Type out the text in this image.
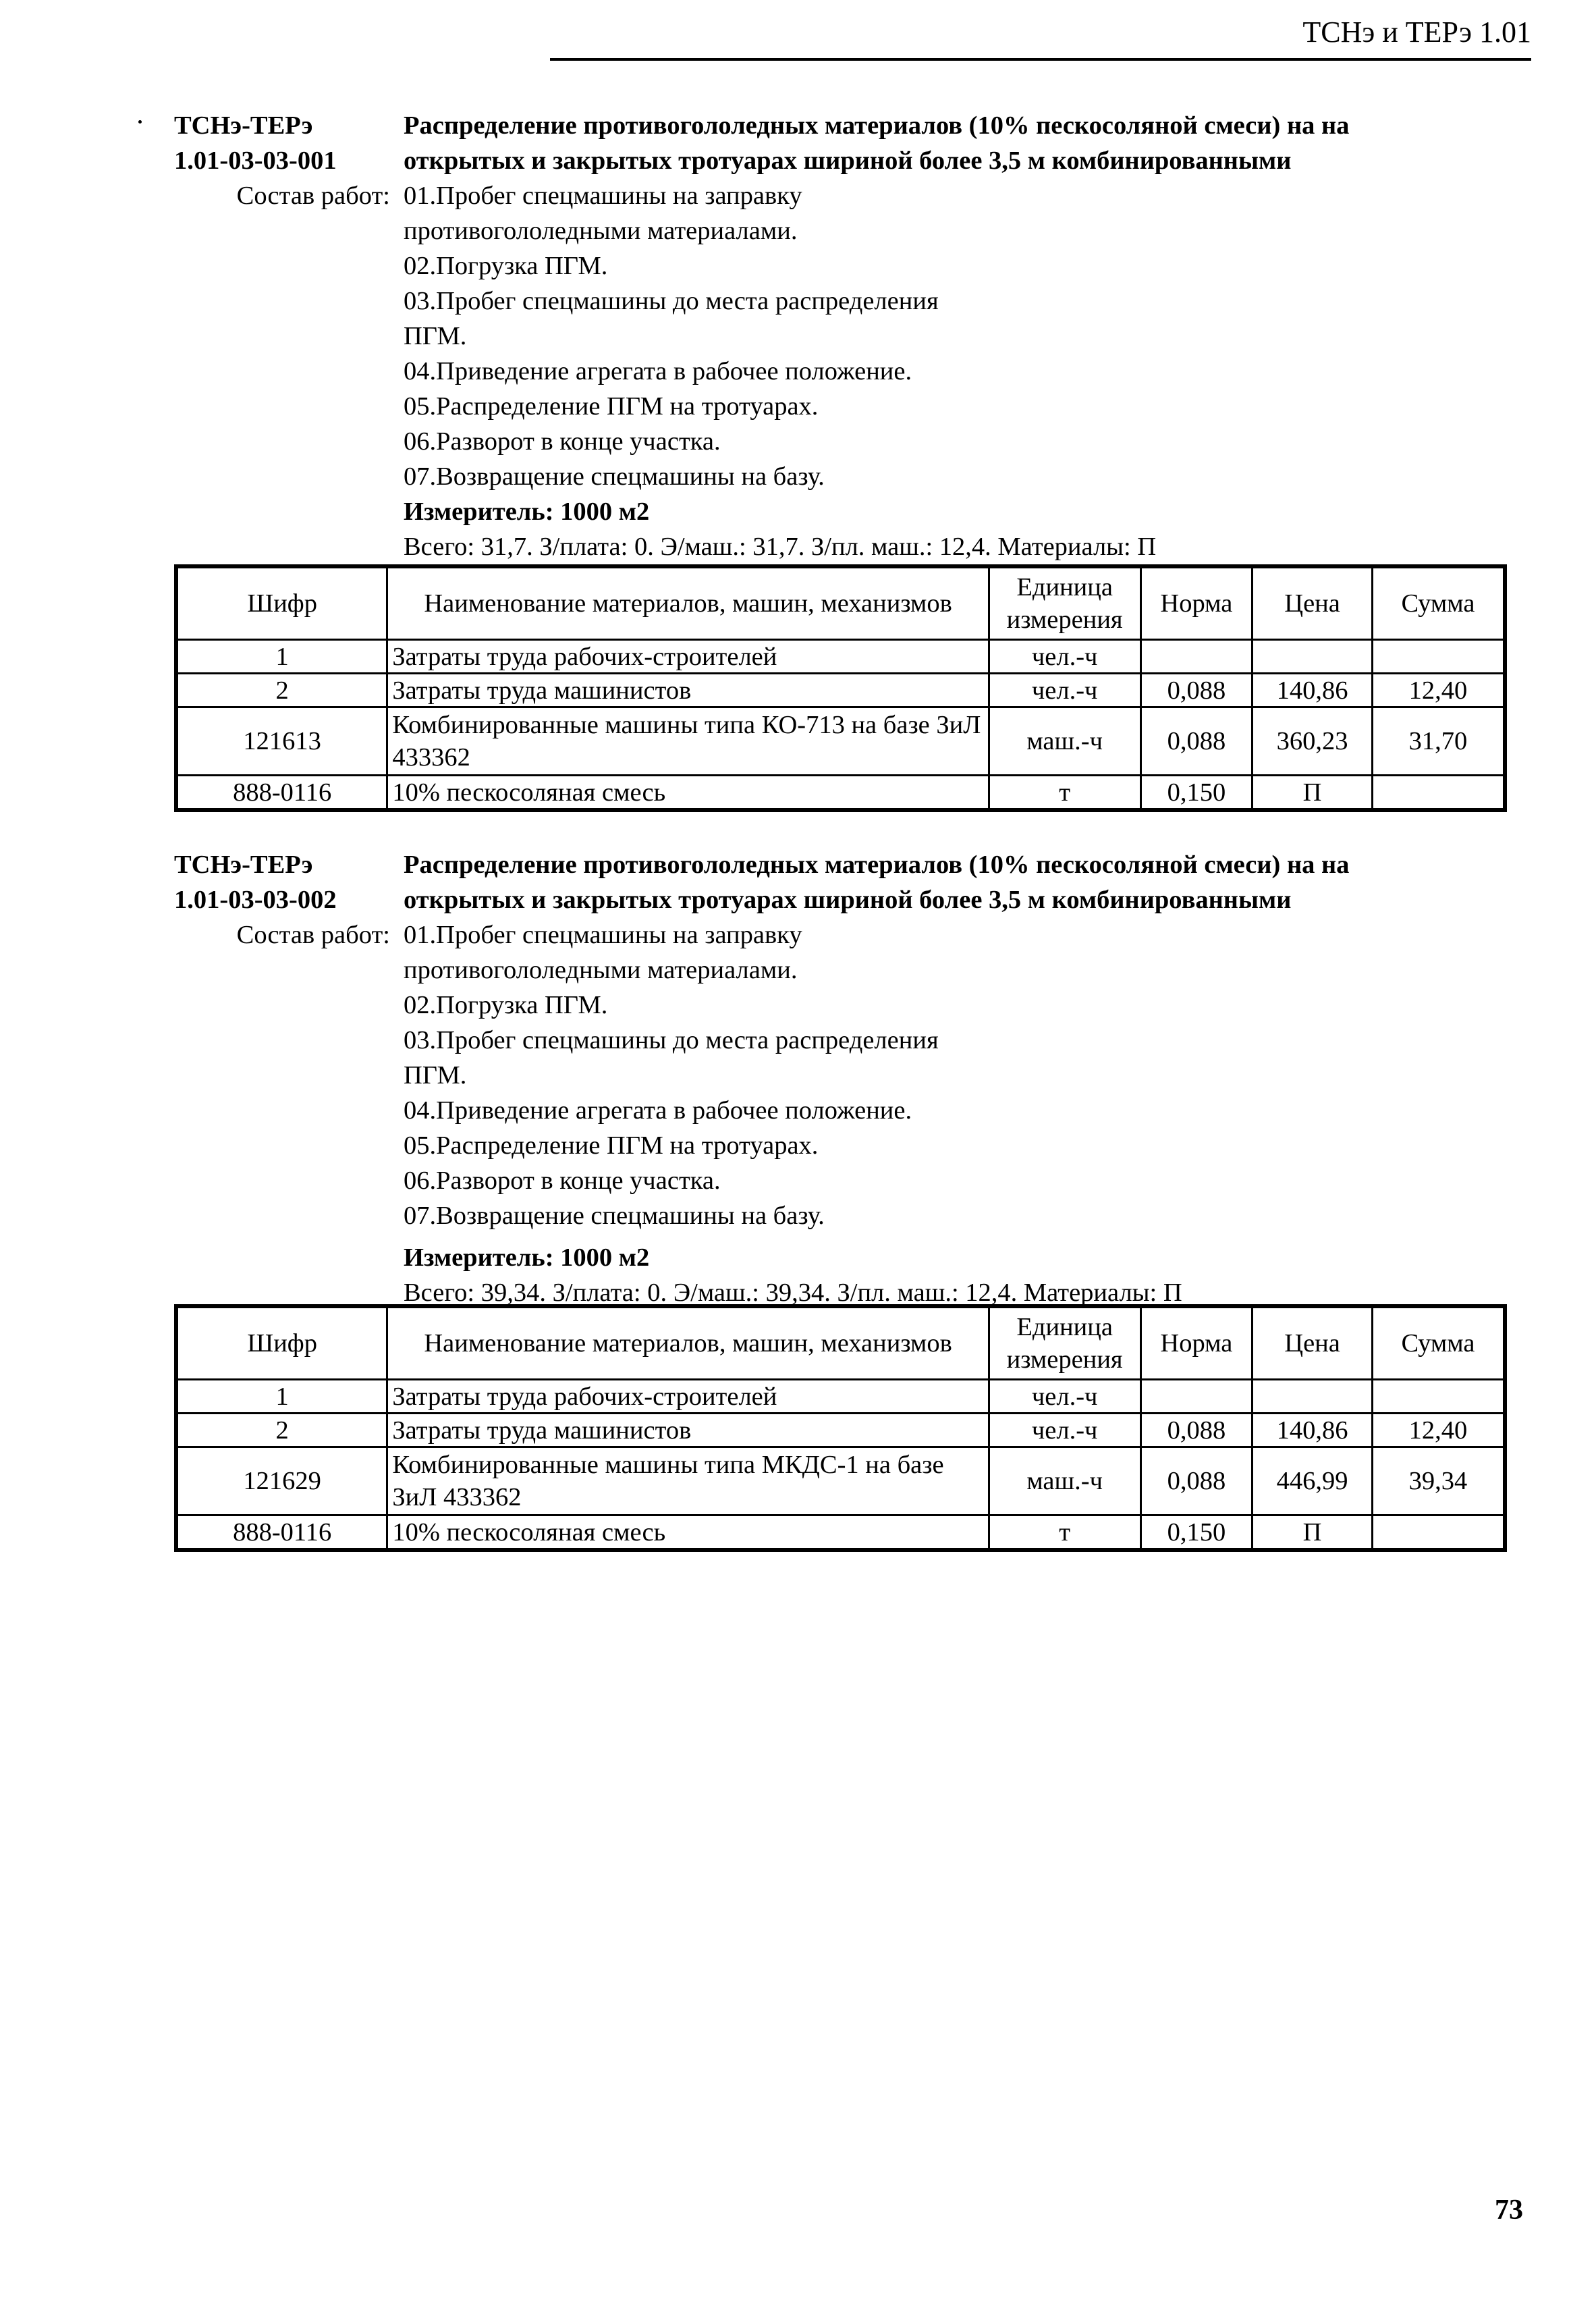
ТСНэ и ТЕРэ 1.01
ТСНэ-ТЕРэ	Распределение противогололедных материалов (10% пескосоляной смеси) на на
1.01-03-03-001	открытых и закрытых тротуарах шириной более 3,5 м комбинированными
Состав работ: 01.Пробег спецмашины на заправку
противогололедными материалами.
02.Погрузка ПГМ.
03.Пробег спецмашины до места распределения
ПГМ.
04.Приведение агрегата в рабочее положение.
05.Распределение ПГМ на тротуарах.
06.Разворот в конце участка.
07.Возвращение спецмашины на базу.
Измеритель: 1000 м2
Всего: 31,7. З/плата: 0. Э/маш.: 31,7. З/пл. маш.: 12,4. Материалы: П
Шифр	Наименование материалов, машин, механизмов	Единица измерения	Норма	Цена	Сумма
1	Затраты труда рабочих-строителей	чел.-ч			
2	Затраты труда машинистов	чел.-ч	0,088	140,86	12,40
121613	Комбинированные машины типа КО-713 на базе ЗиЛ 433362	маш.-ч	0,088	360,23	31,70
888-0116	10% пескосоляная смесь	т	0,150	П	
ТСНэ-ТЕРэ	Распределение противогололедных материалов (10% пескосоляной смеси) на на
1.01-03-03-002	открытых и закрытых тротуарах шириной более 3,5 м комбинированными
Состав работ: 01.Пробег спецмашины на заправку
противогололедными материалами.
02.Погрузка ПГМ.
03.Пробег спецмашины до места распределения
ПГМ.
04.Приведение агрегата в рабочее положение.
05.Распределение ПГМ на тротуарах.
06.Разворот в конце участка.
07.Возвращение спецмашины на базу.
Измеритель: 1000 м2
Всего: 39,34. З/плата: 0. Э/маш.: 39,34. З/пл. маш.: 12,4. Материалы: П
Шифр	Наименование материалов, машин, механизмов	Единица измерения	Норма	Цена	Сумма
1	Затраты труда рабочих-строителей	чел.-ч			
2	Затраты труда машинистов	чел.-ч	0,088	140,86	12,40
121629	Комбинированные машины типа МКДС-1 на базе ЗиЛ 433362	маш.-ч	0,088	446,99	39,34
888-0116	10% пескосоляная смесь	т	0,150	П	
73
